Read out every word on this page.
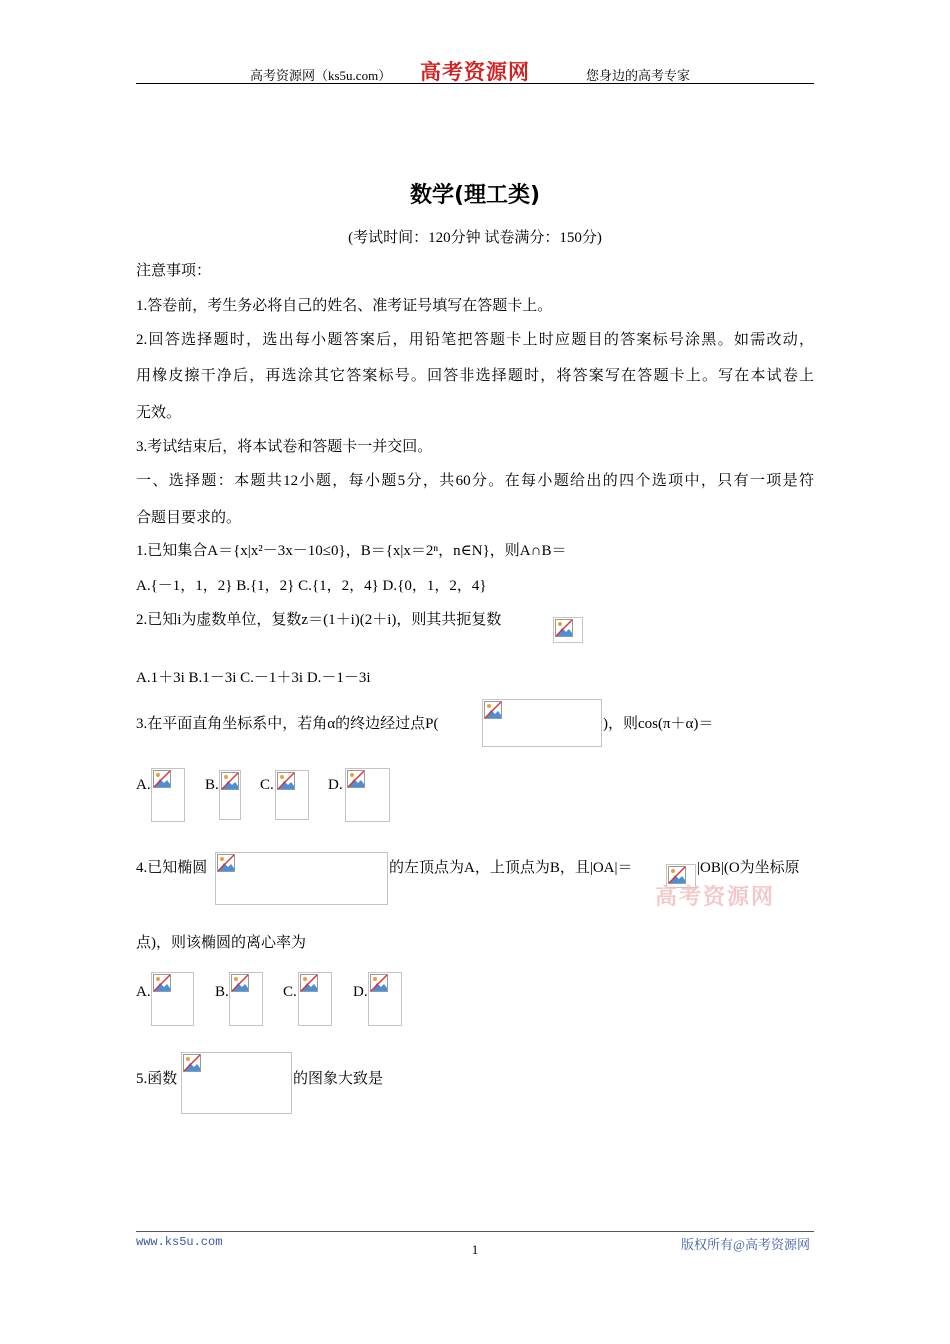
高考资源网（ks5u.com） 高考资源网	您身边的高考专家
数学(理工类)
(考试时间：120分钟 试卷满分：150分)
注意事项：
1.答卷前，考生务必将自己的姓名、准考证号填写在答题卡上。
2.回答选择题时，选出每小题答案后，用铅笔把答题卡上时应题目的答案标号涂黑。如需改动，
用橡皮擦干净后，再选涂其它答案标号。回答非选择题时，将答案写在答题卡上。写在本试卷上
无效。
3.考试结束后，将本试卷和答题卡一并交回。
一、选择题：本题共12小题，每小题5分，共60分。在每小题给出的四个选项中，只有一项是符
合题目要求的。
1.已知集合A＝{x|x²－3x－10≤0}，B＝{x|x＝2ⁿ，n∈N}，则A∩B＝
A.{－1，1，2} B.{1，2} C.{1，2，4} D.{0，1，2，4}
2.已知i为虚数单位，复数z＝(1＋i)(2＋i)，则其共扼复数
A.1＋3i B.1－3i C.－1＋3i D.－1－3i
3.在平面直角坐标系中，若角α的终边经过点P(	)，则cos(π＋α)＝
A.	B.	C.	D.
4.已知椭圆	的左顶点为A，上顶点为B，且|OA|＝	|OB|(O为坐标原
高考资源网
点)，则该椭圆的离心率为
A.	B.	C.	D.
5.函数	的图象大致是
www.ks5u.com	1	版权所有@高考资源网
